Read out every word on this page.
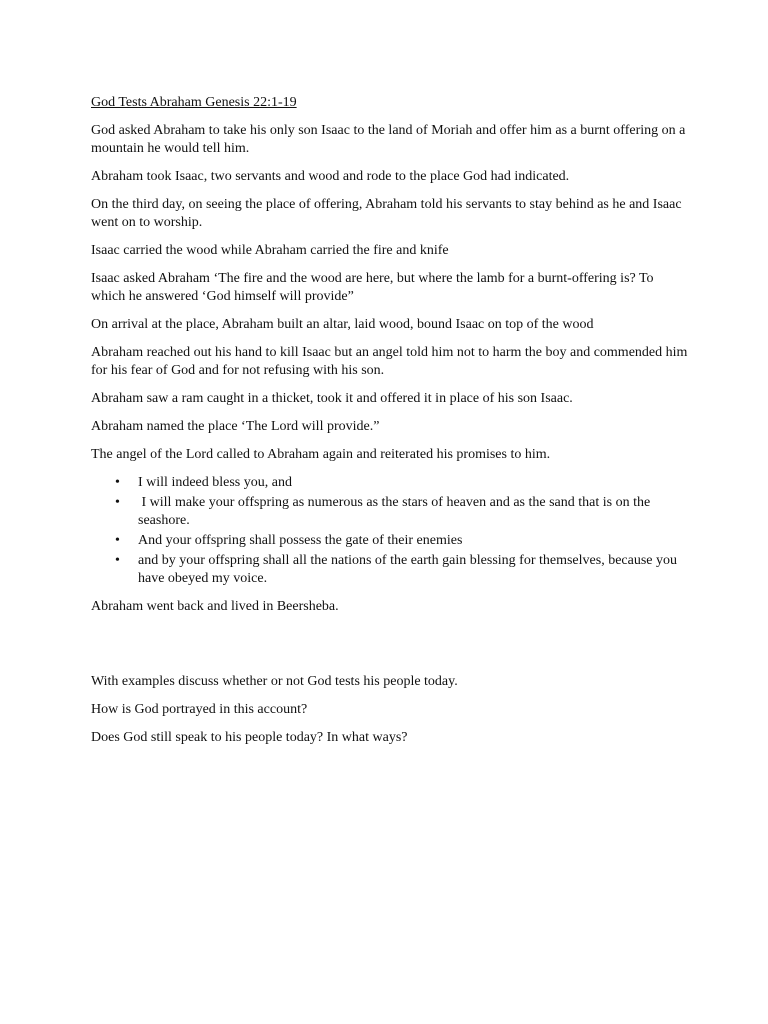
God Tests Abraham Genesis 22:1-19

God asked Abraham to take his only son Isaac to the land of Moriah and offer him as a burnt offering on a mountain he would tell him.

Abraham took Isaac, two servants and wood and rode to the place God had indicated.

On the third day, on seeing the place of offering, Abraham told his servants to stay behind as he and Isaac went on to worship.

Isaac carried the wood while Abraham carried the fire and knife

Isaac asked Abraham ‘The fire and the wood are here, but where the lamb for a burnt-offering is? To which he answered ‘God himself will provide”

On arrival at the place, Abraham built an altar, laid wood, bound Isaac on top of the wood

Abraham reached out his hand to kill Isaac but an angel told him not to harm the boy and commended him for his fear of God and for not refusing with his son.

Abraham saw a ram caught in a thicket, took it and offered it in place of his son Isaac.

Abraham named the place ‘The Lord will provide.”

The angel of the Lord called to Abraham again and reiterated his promises to him.

• I will indeed bless you, and
• I will make your offspring as numerous as the stars of heaven and as the sand that is on the seashore.
• And your offspring shall possess the gate of their enemies
• and by your offspring shall all the nations of the earth gain blessing for themselves, because you have obeyed my voice.

Abraham went back and lived in Beersheba.

With examples discuss whether or not God tests his people today.

How is God portrayed in this account?

Does God still speak to his people today? In what ways?
